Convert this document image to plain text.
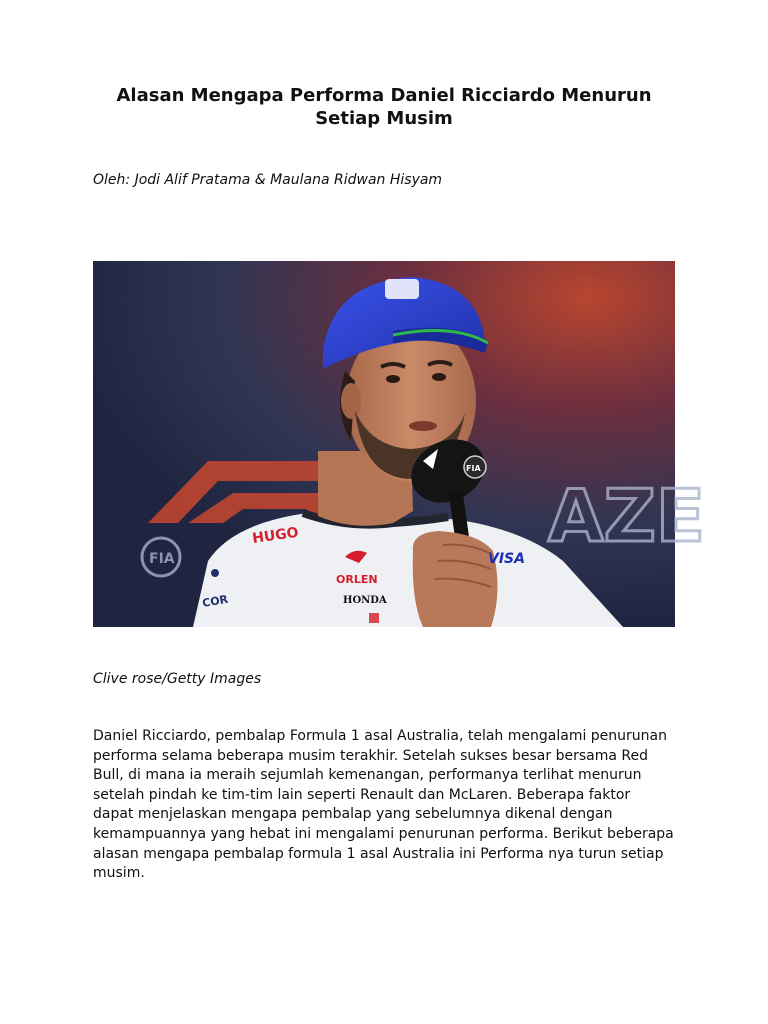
Alasan Mengapa Performa Daniel Ricciardo Menurun Setiap Musim

Oleh: Jodi Alif Pratama & Maulana Ridwan Hisyam

FIA
AZE
FIA
HUGO
ORLEN
HONDA
VISA
COR

Clive rose/Getty Images

Daniel Ricciardo, pembalap Formula 1 asal Australia, telah mengalami penurunan performa selama beberapa musim terakhir. Setelah sukses besar bersama Red Bull, di mana ia meraih sejumlah kemenangan, performanya terlihat menurun setelah pindah ke tim-tim lain seperti Renault dan McLaren. Beberapa faktor dapat menjelaskan mengapa pembalap yang sebelumnya dikenal dengan kemampuannya yang hebat ini mengalami penurunan performa. Berikut beberapa alasan mengapa pembalap formula 1 asal Australia ini Performa nya turun setiap musim.
